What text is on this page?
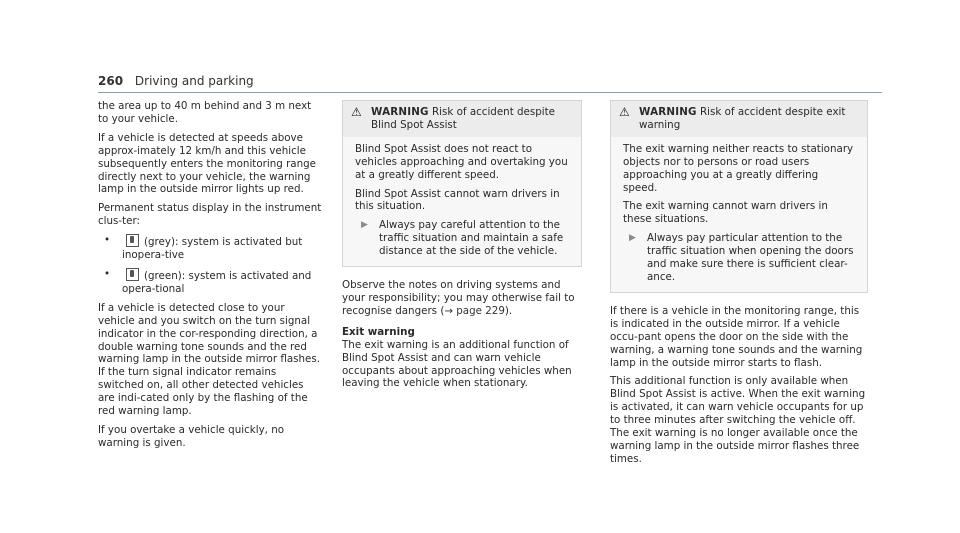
260 Driving and parking

the area up to 40 m behind and 3 m next to your vehicle.

If a vehicle is detected at speeds above approx-imately 12 km/h and this vehicle subsequently enters the monitoring range directly next to your vehicle, the warning lamp in the outside mirror lights up red.

Permanent status display in the instrument clus-ter:

•	(grey): system is activated but inopera-tive
•	(green): system is activated and opera-tional

If a vehicle is detected close to your vehicle and you switch on the turn signal indicator in the cor-responding direction, a double warning tone sounds and the red warning lamp in the outside mirror flashes. If the turn signal indicator remains switched on, all other detected vehicles are indi-cated only by the flashing of the red warning lamp.

If you overtake a vehicle quickly, no warning is given.

⚠ WARNING Risk of accident despite Blind Spot Assist

Blind Spot Assist does not react to vehicles approaching and overtaking you at a greatly different speed.

Blind Spot Assist cannot warn drivers in this situation.

▶	Always pay careful attention to the traffic situation and maintain a safe distance at the side of the vehicle.

Observe the notes on driving systems and your responsibility; you may otherwise fail to recognise dangers (→ page 229).

Exit warning

The exit warning is an additional function of Blind Spot Assist and can warn vehicle occupants about approaching vehicles when leaving the vehicle when stationary.

⚠ WARNING Risk of accident despite exit warning

The exit warning neither reacts to stationary objects nor to persons or road users approaching you at a greatly differing speed.

The exit warning cannot warn drivers in these situations.

▶	Always pay particular attention to the traffic situation when opening the doors and make sure there is sufficient clear-ance.

If there is a vehicle in the monitoring range, this is indicated in the outside mirror. If a vehicle occu-pant opens the door on the side with the warning, a warning tone sounds and the warning lamp in the outside mirror starts to flash.

This additional function is only available when Blind Spot Assist is active. When the exit warning is activated, it can warn vehicle occupants for up to three minutes after switching the vehicle off. The exit warning is no longer available once the warning lamp in the outside mirror flashes three times.
